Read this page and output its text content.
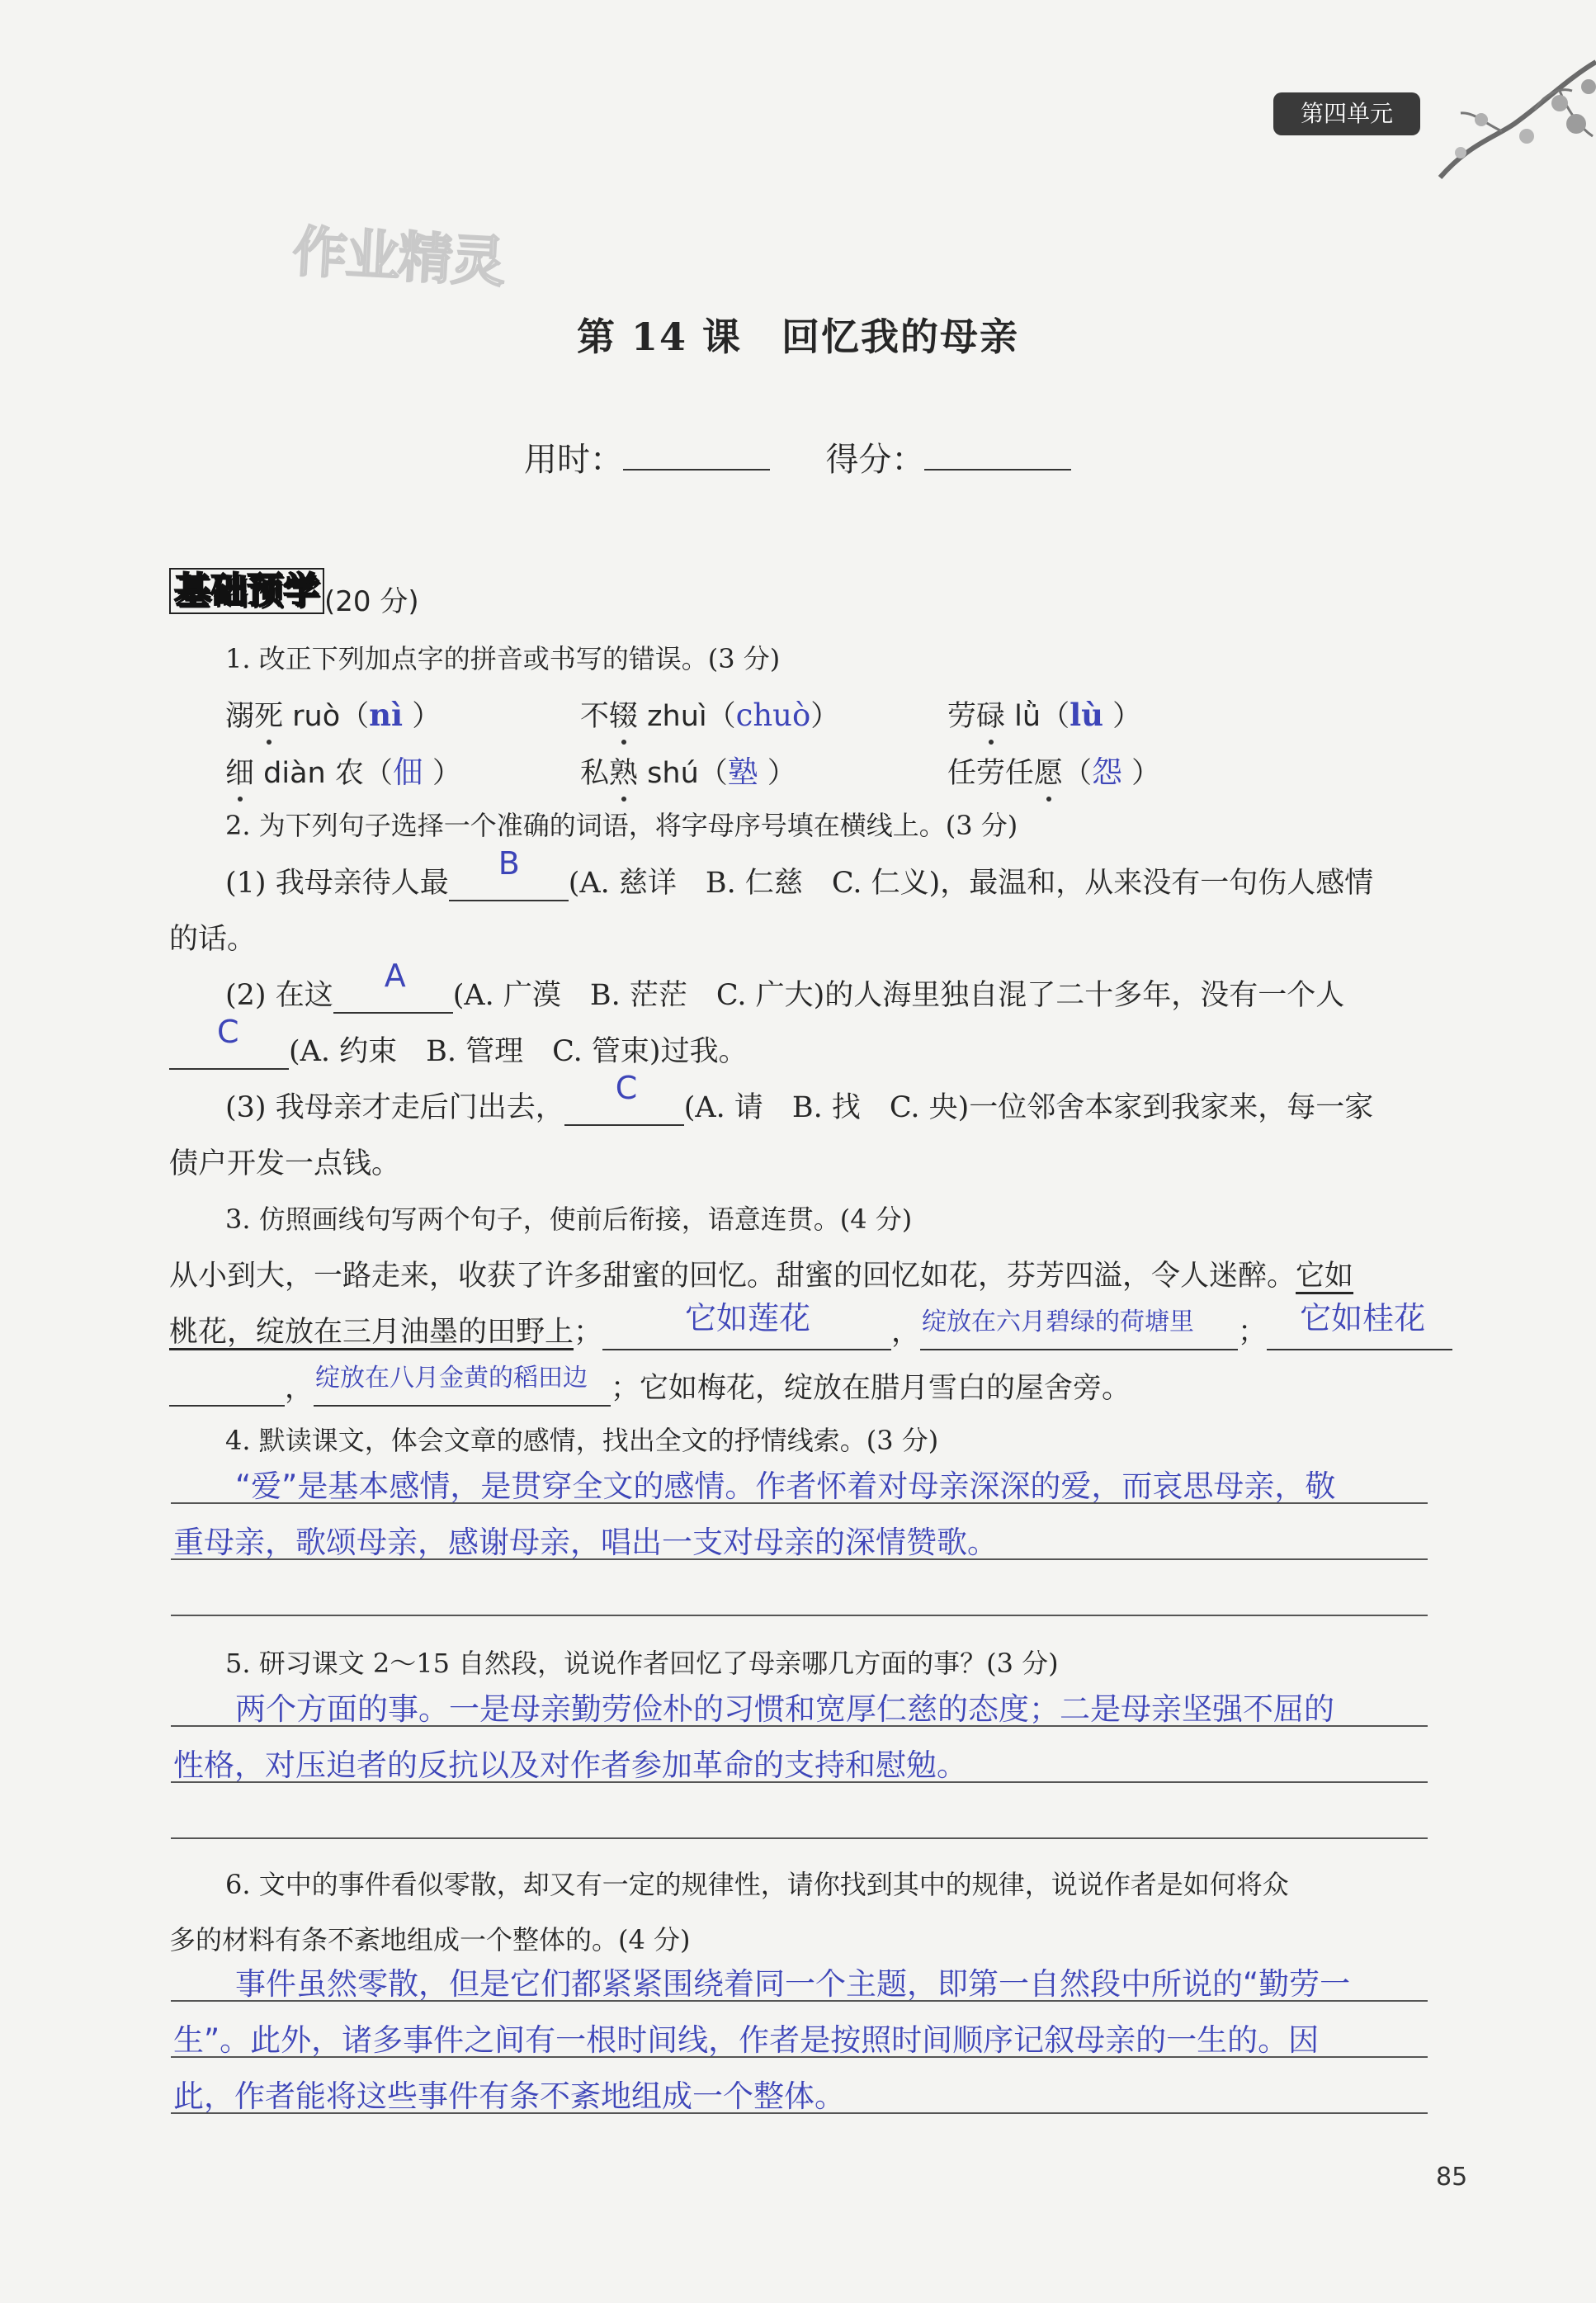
第四单元
作业精灵
第 14 课　回忆我的母亲
用时：	得分：
基础预学 (20 分)
1. 改正下列加点字的拼音或书写的错误。(3 分)
溺死 ruò（nì ）	不辍 zhuì（chuò）	劳碌 lǜ（lù ）
细 diàn 农（佃 ）	私熟 shú（塾 ）	任劳任愿（怨 ）
2. 为下列句子选择一个准确的词语，将字母序号填在横线上。(3 分)
(1) 我母亲待人最
B
(A. 慈详　B. 仁慈　C. 仁义)，最温和，从来没有一句伤人感情
的话。
(2) 在这
A
(A. 广漠　B. 茫茫　C. 广大)的人海里独自混了二十多年，没有一个人
C
(A. 约束　B. 管理　C. 管束)过我。
(3) 我母亲才走后门出去，
C
(A. 请　B. 找　C. 央)一位邻舍本家到我家来，每一家
债户开发一点钱。
3. 仿照画线句写两个句子，使前后衔接，语意连贯。(4 分)
从小到大，一路走来，收获了许多甜蜜的回忆。甜蜜的回忆如花，芬芳四溢，令人迷醉。它如
桃花，绽放在三月油墨的田野上；	它如莲花	， 绽放在六月碧绿的荷塘里 ； 它如桂花

， 绽放在八月金黄的稻田边 ；它如梅花，绽放在腊月雪白的屋舍旁。
4. 默读课文，体会文章的感情，找出全文的抒情线索。(3 分)
“爱”是基本感情，是贯穿全文的感情。作者怀着对母亲深深的爱，而哀思母亲，敬
重母亲，歌颂母亲，感谢母亲，唱出一支对母亲的深情赞歌。
5. 研习课文 2～15 自然段，说说作者回忆了母亲哪几方面的事？(3 分)
两个方面的事。一是母亲勤劳俭朴的习惯和宽厚仁慈的态度；二是母亲坚强不屈的
性格，对压迫者的反抗以及对作者参加革命的支持和慰勉。
6. 文中的事件看似零散，却又有一定的规律性，请你找到其中的规律，说说作者是如何将众
多的材料有条不紊地组成一个整体的。(4 分)
事件虽然零散，但是它们都紧紧围绕着同一个主题，即第一自然段中所说的“勤劳一
生”。此外，诸多事件之间有一根时间线，作者是按照时间顺序记叙母亲的一生的。因
此，作者能将这些事件有条不紊地组成一个整体。
85
